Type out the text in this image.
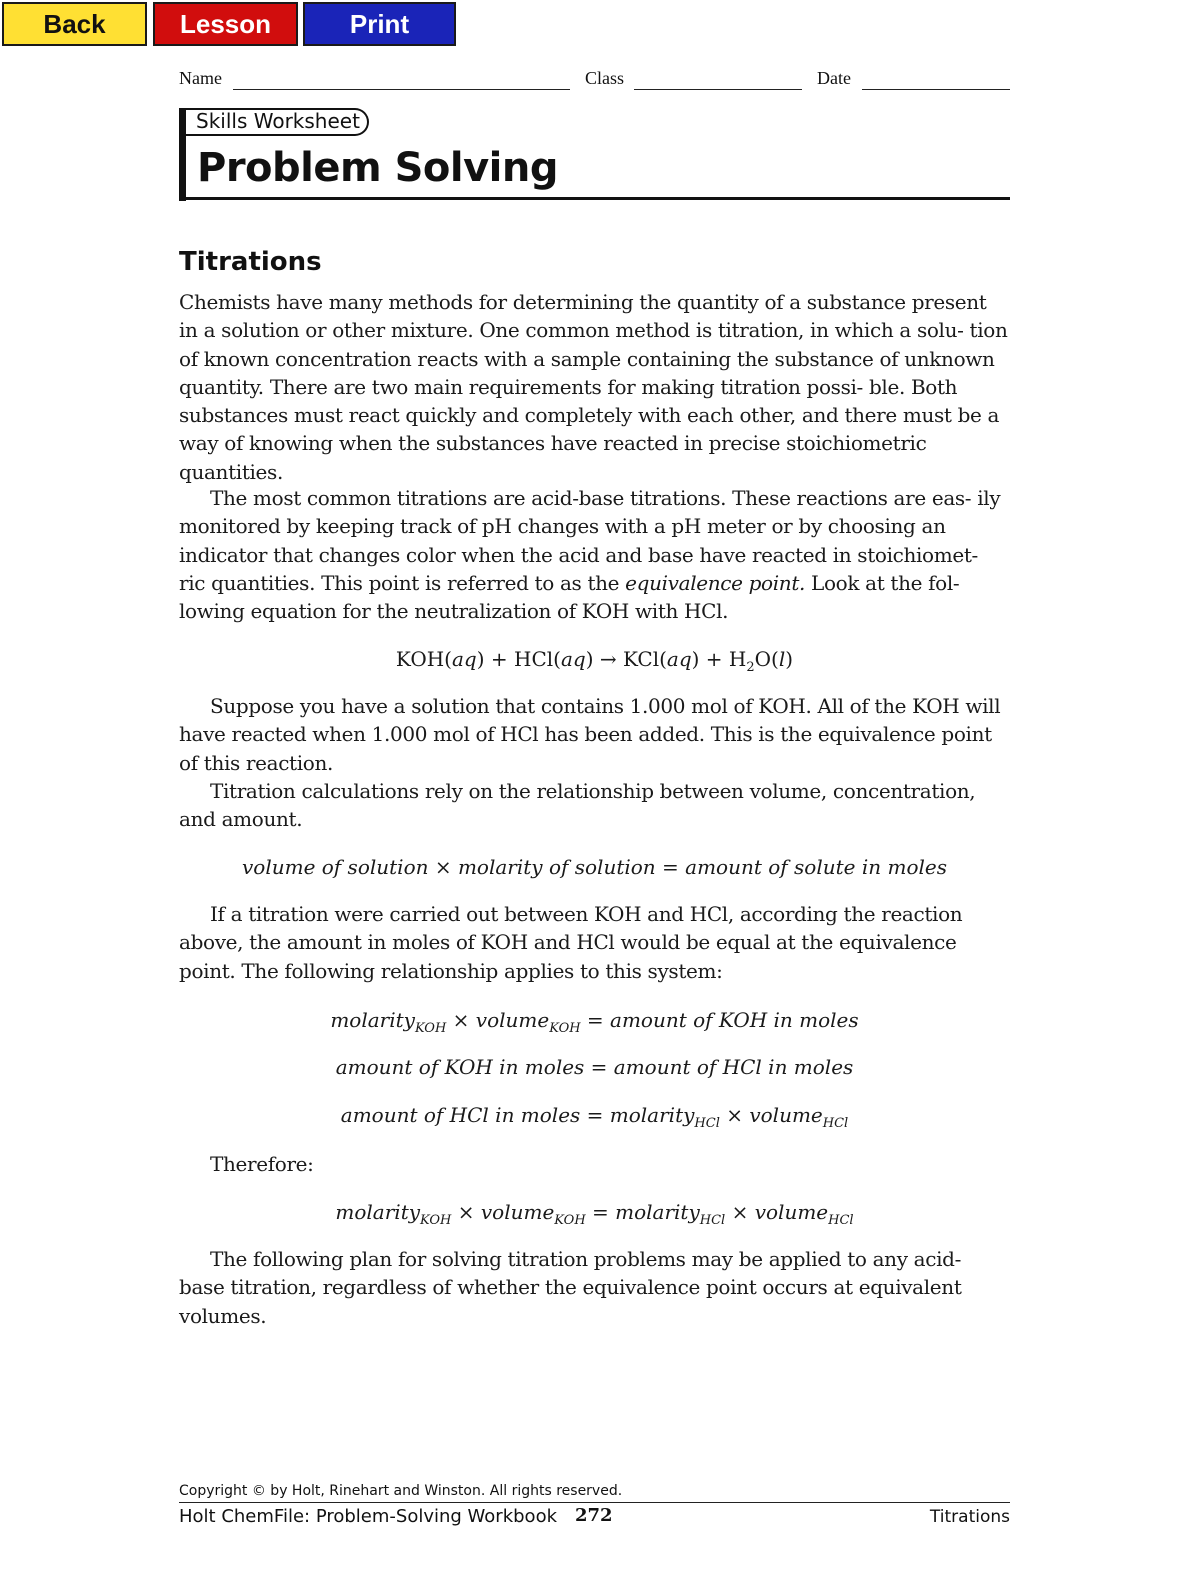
Back	Lesson	Print
Name	Class	Date
Skills Worksheet
Problem Solving
Titrations
Chemists have many methods for determining the quantity of a substance present in a solution or other mixture. One common method is titration, in which a solu- tion of known concentration reacts with a sample containing the substance of unknown quantity. There are two main requirements for making titration possi- ble. Both substances must react quickly and completely with each other, and there must be a way of knowing when the substances have reacted in precise stoichiometric quantities.
The most common titrations are acid-base titrations. These reactions are eas- ily monitored by keeping track of pH changes with a pH meter or by choosing an indicator that changes color when the acid and base have reacted in stoichiomet- ric quantities. This point is referred to as the equivalence point. Look at the fol- lowing equation for the neutralization of KOH with HCl.
$KOH(aq) + HCl(aq) \to KCl(aq) + H_2O(l)$
Suppose you have a solution that contains 1.000 mol of KOH. All of the KOH will have reacted when 1.000 mol of HCl has been added. This is the equivalence point of this reaction.
Titration calculations rely on the relationship between volume, concentration, and amount.
volume of solution × molarity of solution = amount of solute in moles
If a titration were carried out between KOH and HCl, according the reaction above, the amount in moles of KOH and HCl would be equal at the equivalence point. The following relationship applies to this system:
molarity$_{KOH}$ × volume$_{KOH}$ = amount of KOH in moles
amount of KOH in moles = amount of HCl in moles
amount of HCl in moles = molarity$_{HCl}$ × volume$_{HCl}$
Therefore:
molarity$_{KOH}$ × volume$_{KOH}$ = molarity$_{HCl}$ × volume$_{HCl}$
The following plan for solving titration problems may be applied to any acid- base titration, regardless of whether the equivalence point occurs at equivalent volumes.
Copyright © by Holt, Rinehart and Winston. All rights reserved.
Holt ChemFile: Problem-Solving Workbook 272	Titrations
